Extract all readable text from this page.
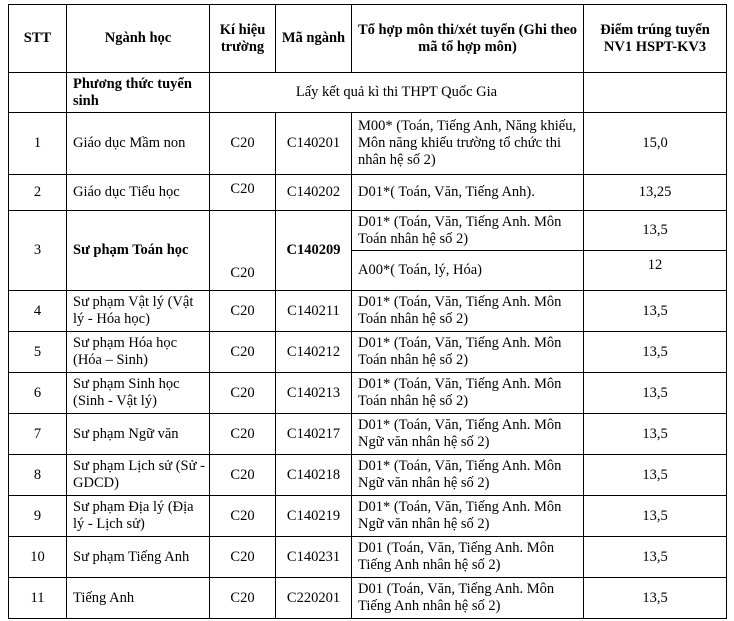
STT	Ngành học	Kí hiệu trường	Mã ngành	Tổ hợp môn thi/xét tuyển (Ghi theo mã tổ hợp môn)	Điểm trúng tuyển NV1 HSPT-KV3
	Phương thức tuyển sinh	Lấy kết quả kì thi THPT Quốc Gia			
1	Giáo dục Mầm non	C20	C140201	M00* (Toán, Tiếng Anh, Năng khiếu, Môn năng khiếu trường tổ chức thi nhân hệ số 2)	15,0
2	Giáo dục Tiểu học	C20	C140202	D01*( Toán, Văn, Tiếng Anh).	13,25
3	Sư phạm Toán học	C20	C140209	D01* (Toán, Văn, Tiếng Anh. Môn Toán nhân hệ số 2)	13,5
				A00*( Toán, lý, Hóa)	12
4	Sư phạm Vật lý (Vật lý - Hóa học)	C20	C140211	D01* (Toán, Văn, Tiếng Anh. Môn Toán nhân hệ số 2)	13,5
5	Sư phạm Hóa học (Hóa – Sinh)	C20	C140212	D01* (Toán, Văn, Tiếng Anh. Môn Toán nhân hệ số 2)	13,5
6	Sư phạm Sinh học (Sinh - Vật lý)	C20	C140213	D01* (Toán, Văn, Tiếng Anh. Môn Toán nhân hệ số 2)	13,5
7	Sư phạm Ngữ văn	C20	C140217	D01* (Toán, Văn, Tiếng Anh. Môn Ngữ văn nhân hệ số 2)	13,5
8	Sư phạm Lịch sử (Sử - GDCD)	C20	C140218	D01* (Toán, Văn, Tiếng Anh. Môn Ngữ văn nhân hệ số 2)	13,5
9	Sư phạm Địa lý (Địa lý - Lịch sử)	C20	C140219	D01* (Toán, Văn, Tiếng Anh. Môn Ngữ văn nhân hệ số 2)	13,5
10	Sư phạm Tiếng Anh	C20	C140231	D01 (Toán, Văn, Tiếng Anh. Môn Tiếng Anh nhân hệ số 2)	13,5
11	Tiếng Anh	C20	C220201	D01 (Toán, Văn, Tiếng Anh. Môn Tiếng Anh nhân hệ số 2)	13,5
